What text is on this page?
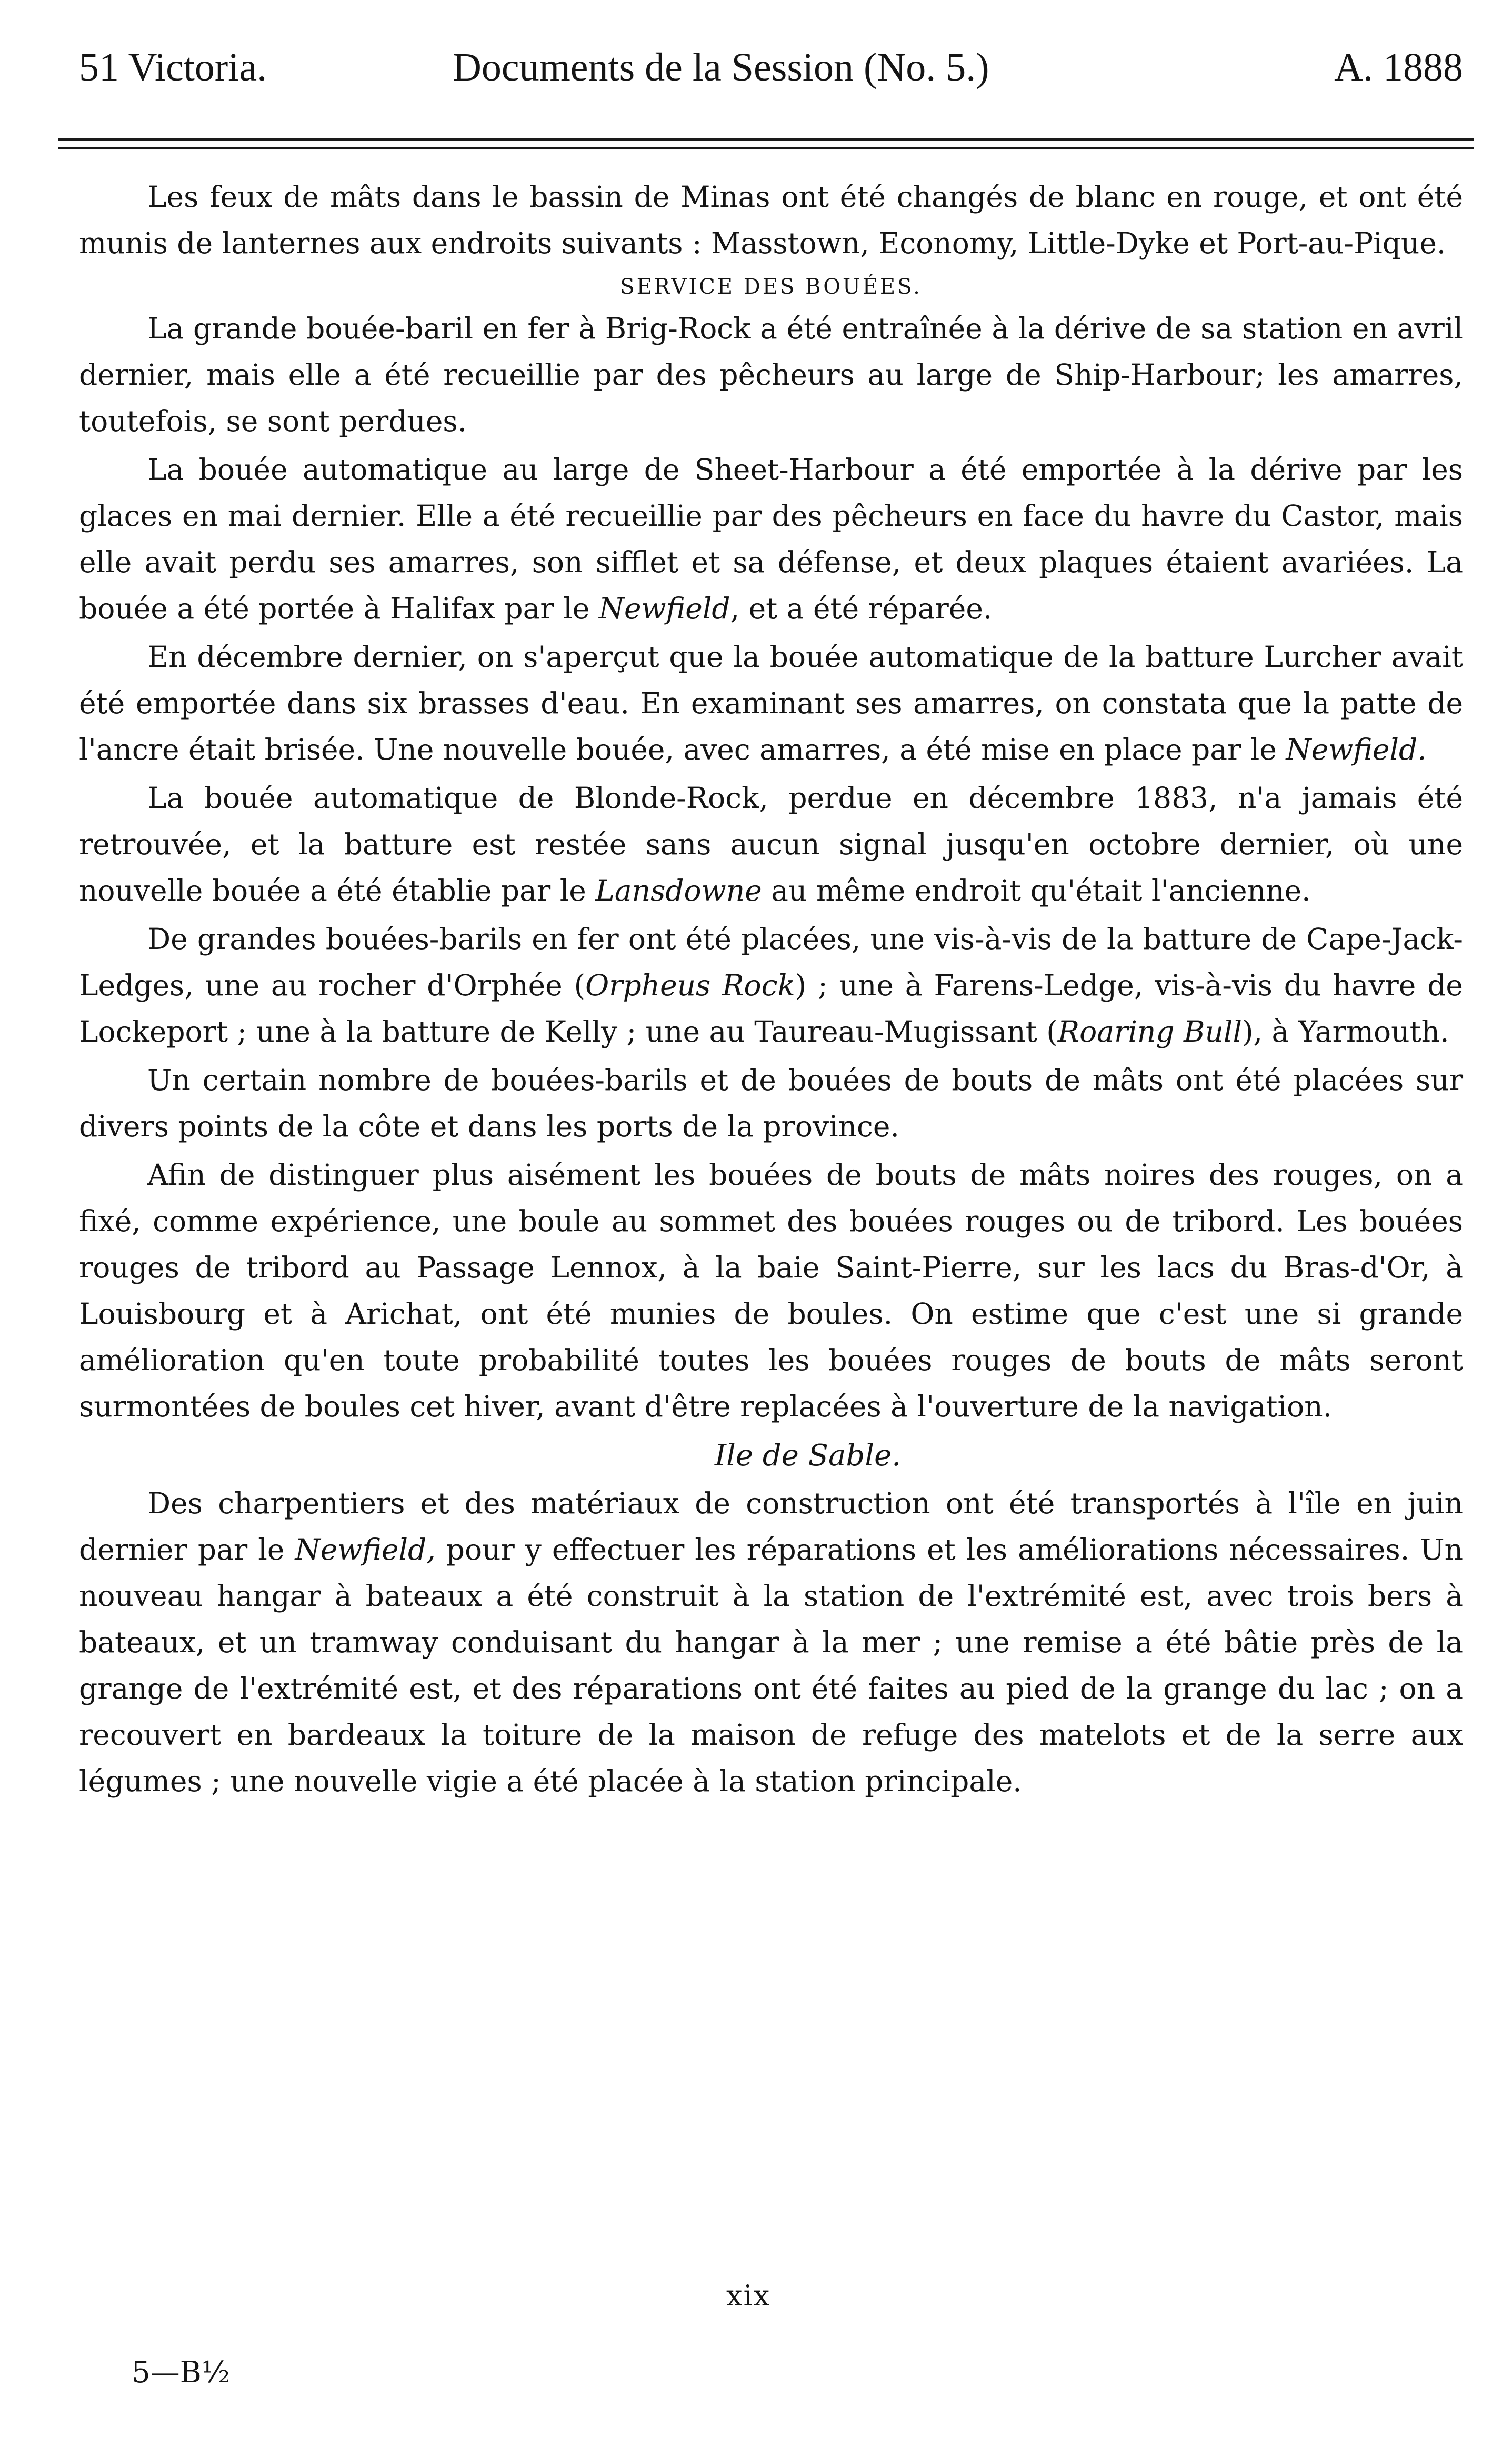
51 Victoria.	Documents de la Session (No. 5.)	A. 1888

Les feux de mâts dans le bassin de Minas ont été changés de blanc en rouge, et ont été munis de lanternes aux endroits suivants : Masstown, Economy, Little-Dyke et Port-au-Pique.

SERVICE DES BOUÉES.

La grande bouée-baril en fer à Brig-Rock a été entraînée à la dérive de sa station en avril dernier, mais elle a été recueillie par des pêcheurs au large de Ship-Harbour; les amarres, toutefois, se sont perdues.

La bouée automatique au large de Sheet-Harbour a été emportée à la dérive par les glaces en mai dernier. Elle a été recueillie par des pêcheurs en face du havre du Castor, mais elle avait perdu ses amarres, son sifflet et sa défense, et deux plaques étaient avariées. La bouée a été portée à Halifax par le Newfield, et a été réparée.

En décembre dernier, on s'aperçut que la bouée automatique de la batture Lurcher avait été emportée dans six brasses d'eau. En examinant ses amarres, on constata que la patte de l'ancre était brisée. Une nouvelle bouée, avec amarres, a été mise en place par le Newfield.

La bouée automatique de Blonde-Rock, perdue en décembre 1883, n'a jamais été retrouvée, et la batture est restée sans aucun signal jusqu'en octobre dernier, où une nouvelle bouée a été établie par le Lansdowne au même endroit qu'était l'ancienne.

De grandes bouées-barils en fer ont été placées, une vis-à-vis de la batture de Cape-Jack-Ledges, une au rocher d'Orphée (Orpheus Rock) ; une à Farens-Ledge, vis-à-vis du havre de Lockeport ; une à la batture de Kelly ; une au Taureau-Mugissant (Roaring Bull), à Yarmouth.

Un certain nombre de bouées-barils et de bouées de bouts de mâts ont été placées sur divers points de la côte et dans les ports de la province.

Afin de distinguer plus aisément les bouées de bouts de mâts noires des rouges, on a fixé, comme expérience, une boule au sommet des bouées rouges ou de tribord. Les bouées rouges de tribord au Passage Lennox, à la baie Saint-Pierre, sur les lacs du Bras-d'Or, à Louisbourg et à Arichat, ont été munies de boules. On estime que c'est une si grande amélioration qu'en toute probabilité toutes les bouées rouges de bouts de mâts seront surmontées de boules cet hiver, avant d'être replacées à l'ouverture de la navigation.

Ile de Sable.

Des charpentiers et des matériaux de construction ont été transportés à l'île en juin dernier par le Newfield, pour y effectuer les réparations et les améliorations nécessaires. Un nouveau hangar à bateaux a été construit à la station de l'extrémité est, avec trois bers à bateaux, et un tramway conduisant du hangar à la mer ; une remise a été bâtie près de la grange de l'extrémité est, et des réparations ont été faites au pied de la grange du lac ; on a recouvert en bardeaux la toiture de la maison de refuge des matelots et de la serre aux légumes ; une nouvelle vigie a été placée à la station principale.

xix
5—B½
